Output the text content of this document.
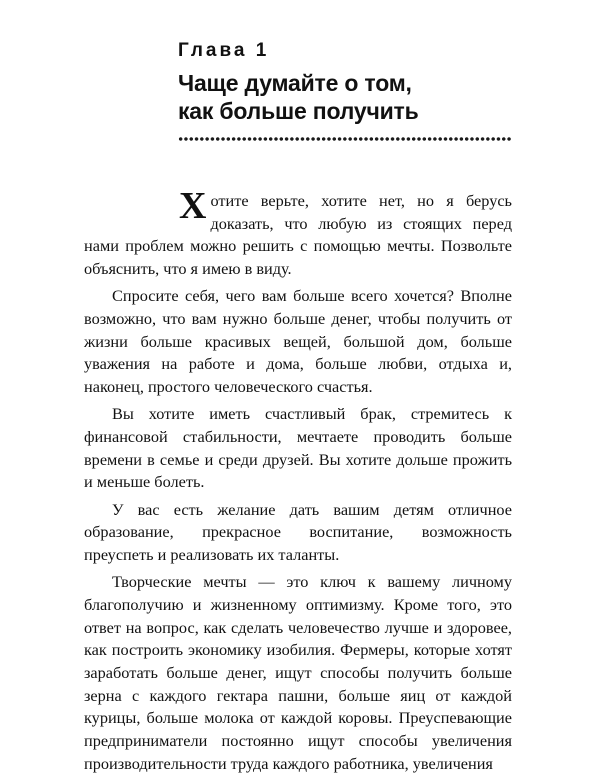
Глава 1
Чаще думайте о том,
как больше получить

Хотите верьте, хотите нет, но я берусь доказать, что любую из стоящих перед нами проблем можно решить с помощью мечты. Позвольте объяснить, что я имею в виду.

Спросите себя, чего вам больше всего хочется? Вполне возможно, что вам нужно больше денег, чтобы получить от жизни больше красивых вещей, большой дом, больше уважения на работе и дома, больше любви, отдыха и, наконец, простого человеческого счастья.

Вы хотите иметь счастливый брак, стремитесь к финансовой стабильности, мечтаете проводить больше времени в семье и среди друзей. Вы хотите дольше прожить и меньше болеть.

У вас есть желание дать вашим детям отличное образование, прекрасное воспитание, возможность преуспеть и реализовать их таланты.

Творческие мечты — это ключ к вашему личному благополучию и жизненному оптимизму. Кроме того, это ответ на вопрос, как сделать человечество лучше и здоровее, как построить экономику изобилия. Фермеры, которые хотят заработать больше денег, ищут способы получить больше зерна с каждого гектара пашни, больше яиц от каждой курицы, больше молока от каждой коровы. Преуспевающие предприниматели постоянно ищут способы увеличения производительности труда каждого работника, увеличения
